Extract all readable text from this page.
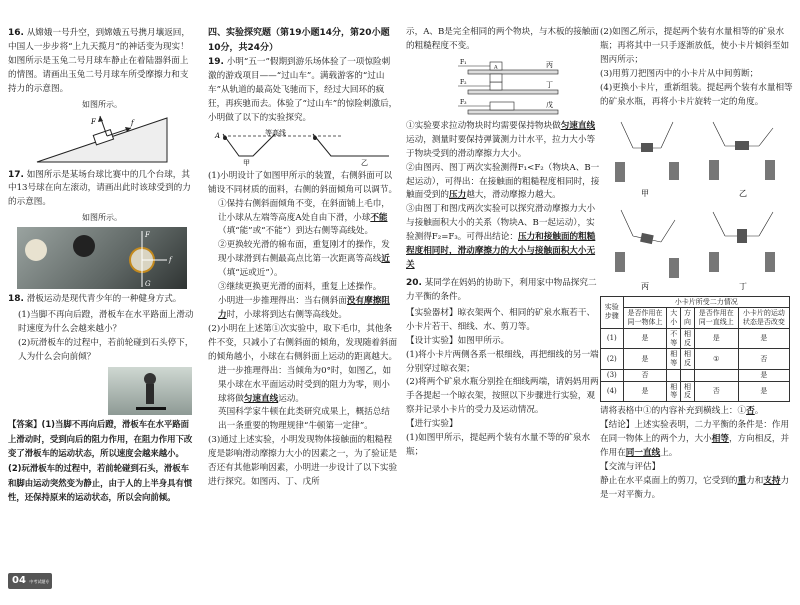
16. 从嫦娥一号升空，到嫦娥五号携月壤返回，中国人一步步将“上九天揽月”的神话变为现实！如图所示是玉兔二号月球车静止在着陆器斜面上的情图。请画出玉兔二号月球车所受摩擦力和支持力的示意图。
如图所示。
F	f
17. 如图所示是某场台球比赛中的几个台球，其中13号球在向左滚动，请画出此时该球受到的力的示意图。
如图所示。
F
f
G
18. 滑板运动是现代青少年的一种健身方式。
(1)当脚不再向后蹬，滑板车在水平路面上滑动时速度为什么会越来越小？
(2)玩滑板车的过程中，若前轮碰到石头停下，人为什么会向前倾？
【答案】(1)当脚不再向后蹬，滑板车在水平路面上滑动时，受到向后的阻力作用，在阻力作用下改变了滑板车的运动状态，所以速度会越来越小。(2)玩滑板车的过程中，若前轮碰到石头，滑板车和脚由运动突然变为静止，由于人的上半身具有惯性，还保持原来的运动状态，所以会向前倾。
四、实验探究题（第19小题14分，第20小题10分，共24分）
19. 小明“五一”假期到游乐场体验了一项惊险刺激的游戏项目——“过山车”。满载游客的“过山车”从轨道的最高处飞驰而下，经过大回环的疯狂，再疾驰而去。体验了“过山车”的惊险刺激后，小明做了以下的实验探究。
等高线
A
甲	乙
(1)小明设计了如图甲所示的装置，右侧斜面可以铺设不同材质的面料，右侧的斜面倾角可以调节。
①保持右侧斜面倾角不变，在斜面铺上毛巾，让小球从左端等高度A处自由下滑，小球不能（填“能”或“不能”）到达右侧等高线处。
②更换较光滑的棉布面，重复刚才的操作，发现小球滑到右侧最高点比第一次距离等高线近（填“远或近”）。
③继续更换更光滑的面料，重复上述操作。
小明进一步推理得出：当右侧斜面没有摩擦阻力时，小球将到达右侧等高线处。
(2)小明在上述第①次实验中，取下毛巾，其他条件不变，只减小了右侧斜面的倾角，发现随着斜面的倾角越小，小球在右侧斜面上运动的距离越大。
进一步推理得出：当倾角为0°时，如图乙，如果小球在水平面运动时受到的阻力为零，则小球将做匀速直线运动。
英国科学家牛顿在此类研究成果上，概括总结出一条重要的物理规律“牛顿第一定律”。
(3)通过上述实验，小明发现物体接触面的粗糙程度是影响滑动摩擦力大小的因素之一，为了验证是否还有其他影响因素，小明进一步设计了以下实验进行探究。如图丙、丁、戊所
示，A、B是完全相同的两个物块，与木板的接触面的粗糙程度不变。
F₁
A	丙
F₂	丁
F₃	戊
①实验要求拉动物块时均需要保持物块做匀速直线运动，测量时要保持弹簧测力计水平，拉力大小等于物块受到的滑动摩擦力大小。
②由图丙、图丁两次实验测得F₁<F₂（物块A、B一起运动），可得出：在接触面的粗糙程度相同时，接触面受到的压力越大，滑动摩擦力越大。
③由图丁和图戊两次实验可以探究滑动摩擦力大小与接触面积大小的关系（物块A、B一起运动），实验测得F₂=F₃。可得出结论：压力和接触面的粗糙程度相同时，滑动摩擦力的大小与接触面积大小无关
20. 某同学在妈妈的协助下，利用家中物品探究二力平衡的条件。
【实验器材】晾衣架两个、相同的矿泉水瓶若干、小卡片若干、细线、水、剪刀等。
【设计实验】如图甲所示。
(1)将小卡片两侧各系一根细线，再把细线的另一端分别穿过晾衣架；
(2)将两个矿泉水瓶分别拴在细线两端，请妈妈用两手各提起一个晾衣架，按照以下步骤进行实验，观察并记录小卡片的受力及运动情况。
【进行实验】
(1)如图甲所示，提起两个装有水量不等的矿泉水瓶；
(2)如图乙所示，提起两个装有水量相等的矿泉水瓶；再将其中一只手逐渐放低，使小卡片倾斜至如图丙所示；
(3)用剪刀把图丙中的小卡片从中间剪断；
(4)更换小卡片，重新组装。提起两个装有水量相等的矿泉水瓶，再将小卡片旋转一定的角度。
甲	乙
丙	丁
实验步骤	小卡片所受二力情况				
	是否作用在同一物体上	大小	方向	是否作用在同一直线上	小卡片的运动状态是否改变
(1)	是	不等	相反	是	是
(2)	是	相等	相反	①	否
(3)	否				是
(4)	是	相等	相反	否	是
请将表格中①的内容补充到横线上：①否。
【结论】上述实验表明，二力平衡的条件是：作用在同一物体上的两个力，大小相等，方向相反，并作用在同一直线上。
【交流与评估】
静止在水平桌面上的剪刀，它受到的重力和支持力是一对平衡力。
04 中考试题专题卷
